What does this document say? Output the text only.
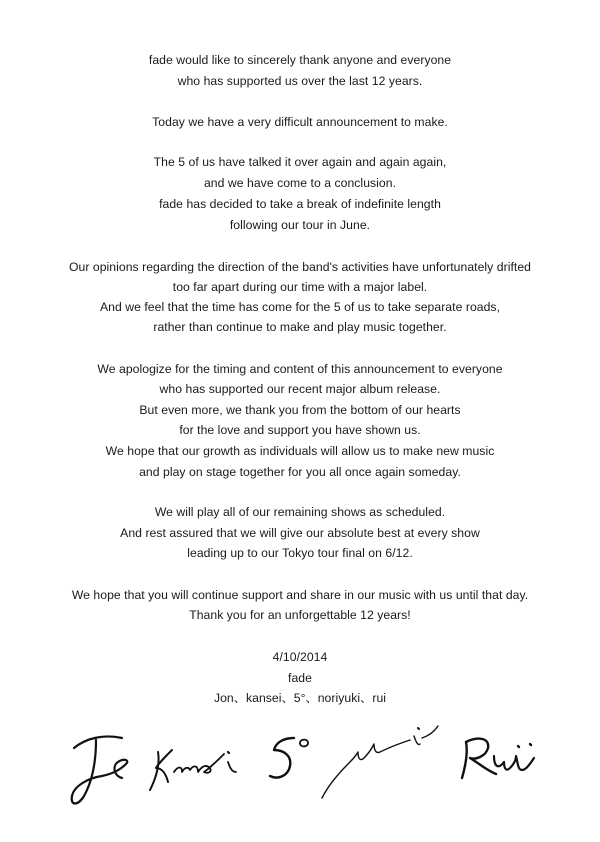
fade would like to sincerely thank anyone and everyone
who has supported us over the last 12 years.
Today we have a very difficult announcement to make.
The 5 of us have talked it over again and again again,
and we have come to a conclusion.
fade has decided to take a break of indefinite length
following our tour in June.
Our opinions regarding the direction of the band's activities have unfortunately drifted
too far apart during our time with a major label.
And we feel that the time has come for the 5 of us to take separate roads,
rather than continue to make and play music together.
We apologize for the timing and content of this announcement to everyone
who has supported our recent major album release.
But even more, we thank you from the bottom of our hearts
for the love and support you have shown us.
We hope that our growth as individuals will allow us to make new music
and play on stage together for you all once again someday.
We will play all of our remaining shows as scheduled.
And rest assured that we will give our absolute best at every show
leading up to our Tokyo tour final on 6/12.
We hope that you will continue support and share in our music with us until that day.
Thank you for an unforgettable 12 years!
4/10/2014
fade
Jon、kansei、5°、noriyuki、rui
